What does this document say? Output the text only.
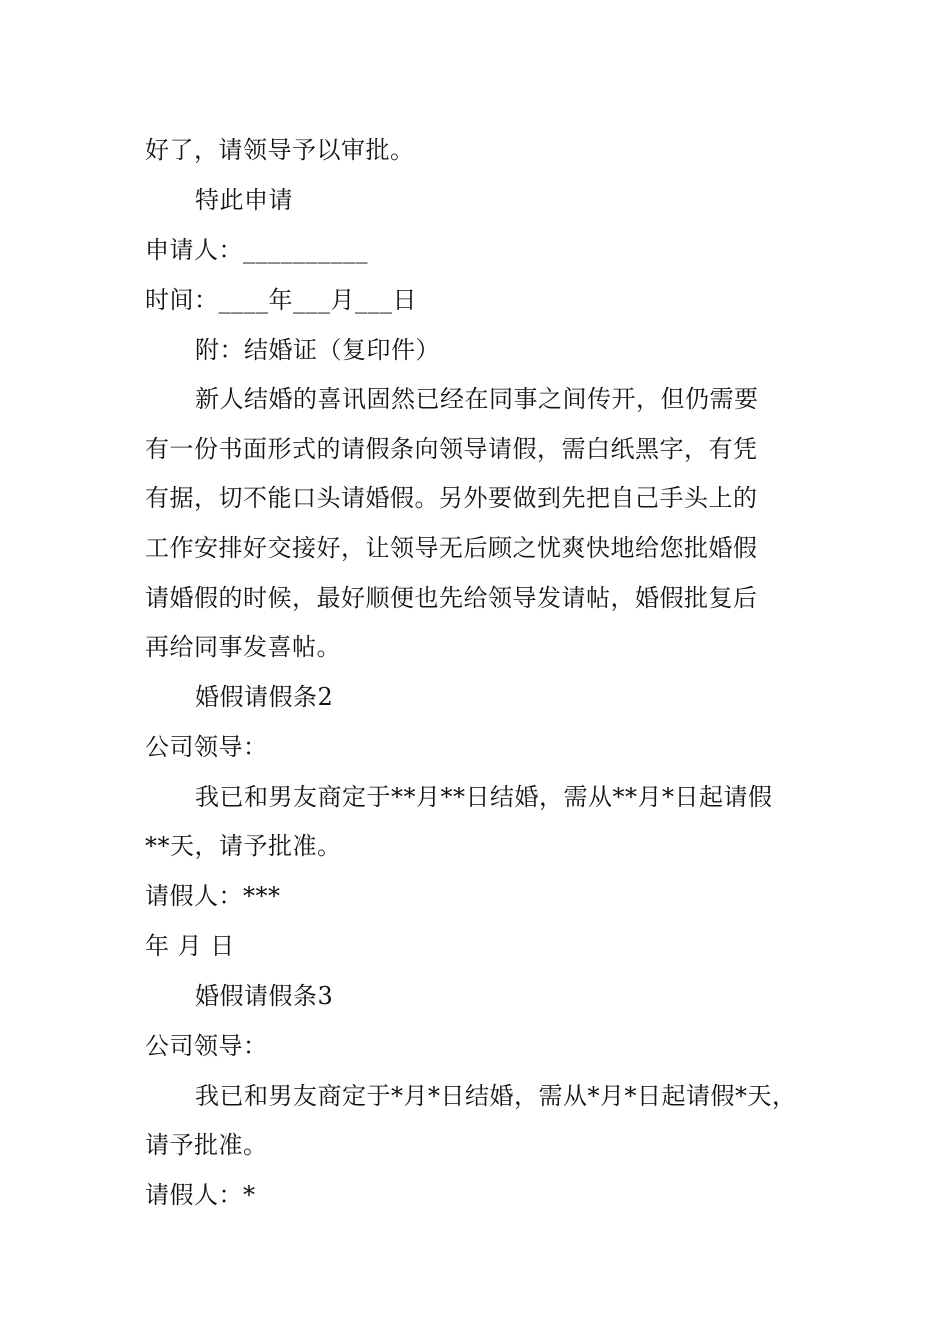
好了，请领导予以审批。
特此申请
申请人：__________
时间：____年___月___日
附：结婚证（复印件）
新人结婚的喜讯固然已经在同事之间传开，但仍需要
有一份书面形式的请假条向领导请假，需白纸黑字，有凭
有据，切不能口头请婚假。另外要做到先把自己手头上的
工作安排好交接好，让领导无后顾之忧爽快地给您批婚假
请婚假的时候，最好顺便也先给领导发请帖，婚假批复后
再给同事发喜帖。
婚假请假条2
公司领导：
我已和男友商定于**月**日结婚，需从**月*日起请假
**天，请予批准。
请假人：***
年 月 日
婚假请假条3
公司领导：
我已和男友商定于*月*日结婚，需从*月*日起请假*天，
请予批准。
请假人：*
